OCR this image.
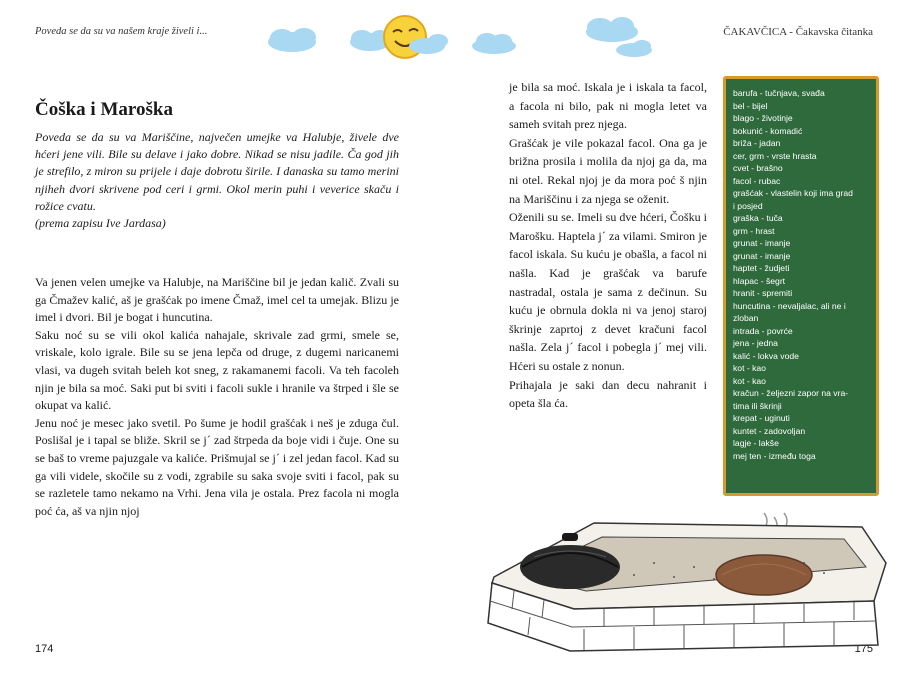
Poveda se da su va našem kraje živeli i...
Čoška i Maroška
Poveda se da su va Mariščine, največen umejke va Halubje, živele dve hćeri jene vili. Bile su delave i jako dobre. Nikad se nisu jadile. Ča god jih je strefilo, z miron su prijele i daje dobrotu širile. I danaska su tamo merini njiheh dvori skrivene pod ceri i grmi. Okol merin puhi i veverice skaču i rožice cvatu.
(prema zapisu Ive Jardasa)

Va jenen velen umejke va Halubje, na Mariščine bil je jedan kalič. Zvali su ga Čmažev kalić, aš je grašćak po imene Čmaž, imel cel ta umejak. Blizu je imel i dvori. Bil je bogat i huncutina.

Saku noć su se vili okol kalića nahajale, skrivale zad grmi, smele se, vriskale, kolo igrale. Bile su se jena lepča od druge, z dugemi naricanemi vlasi, va dugeh svitah beleh kot sneg, z rakamanemi facoli. Va teh facoleh njin je bila sa moć. Saki put bi sviti i facoli sukle i hranile va štrped i šle se okupat va kalić.

Jenu noć je mesec jako svetil. Po šume je hodil grašćak i neš je zduga čul. Poslišal je i tapal se bliže. Skril se j´ zad štrpeda da boje vidi i čuje. One su se baš to vreme pajuzgale va kaliće. Prišmujal se j´ i zel jedan facol. Kad su ga vili videle, skočile su z vodi, zgrabile su saka svoje sviti i facol, pak su se razletele tamo nekamo na Vrhi. Jena vila je ostala. Prez facola ni mogla poć ća, aš va njin njoj

174
ČAKAVČICA - Čakavska čitanka
175

je bila sa moć. Iskala je i iskala ta facol, a facola ni bilo, pak ni mogla letet va sameh svitah prez njega.

Grašćak je vile pokazal facol. Ona ga je brižna prosila i molila da njoj ga da, ma ni otel. Rekal njoj je da mora poć š njin na Mariščinu i za njega se oženit.

Oženili su se. Imeli su dve hćeri, Čošku i Marošku. Haptela j´ za vilami. Smiron je facol iskala. Su kuću je obašla, a facol ni našla. Kad je grašćak va barufe nastradal, ostala je sama z dečinun. Su kuću je obrnula dokla ni va jenoj staroj škrinje zaprtoj z devet kračuni facol našla. Zela j´ facol i pobegla j´ mej vili. Hćeri su ostale z nonun.

Prihajala je saki dan decu nahranit i opeta šla ća.

barufa - tučnjava, svađa
bel - bijel
blago - životinje
bokunić - komadić
briža - jadan
cer, grm - vrste hrasta
cvet - brašno
facol - rubac
grašćak - vlastelin koji ima grad
i posjed
graška - tuča
grm - hrast
grunat - imanje
grunat - imanje
haptet - žudjeti
hlapac - šegrt
hranit - spremiti
huncutina - nevaljalac, ali ne i
zloban
intrada - povrće
jena - jedna
kalić - lokva vode
kot - kao
kot - kao
kračun - željezni zapor na vra-
tima ili škrinji
krepat - uginuti
kuntet - zadovoljan
lagje - lakše
mej ten - između toga
